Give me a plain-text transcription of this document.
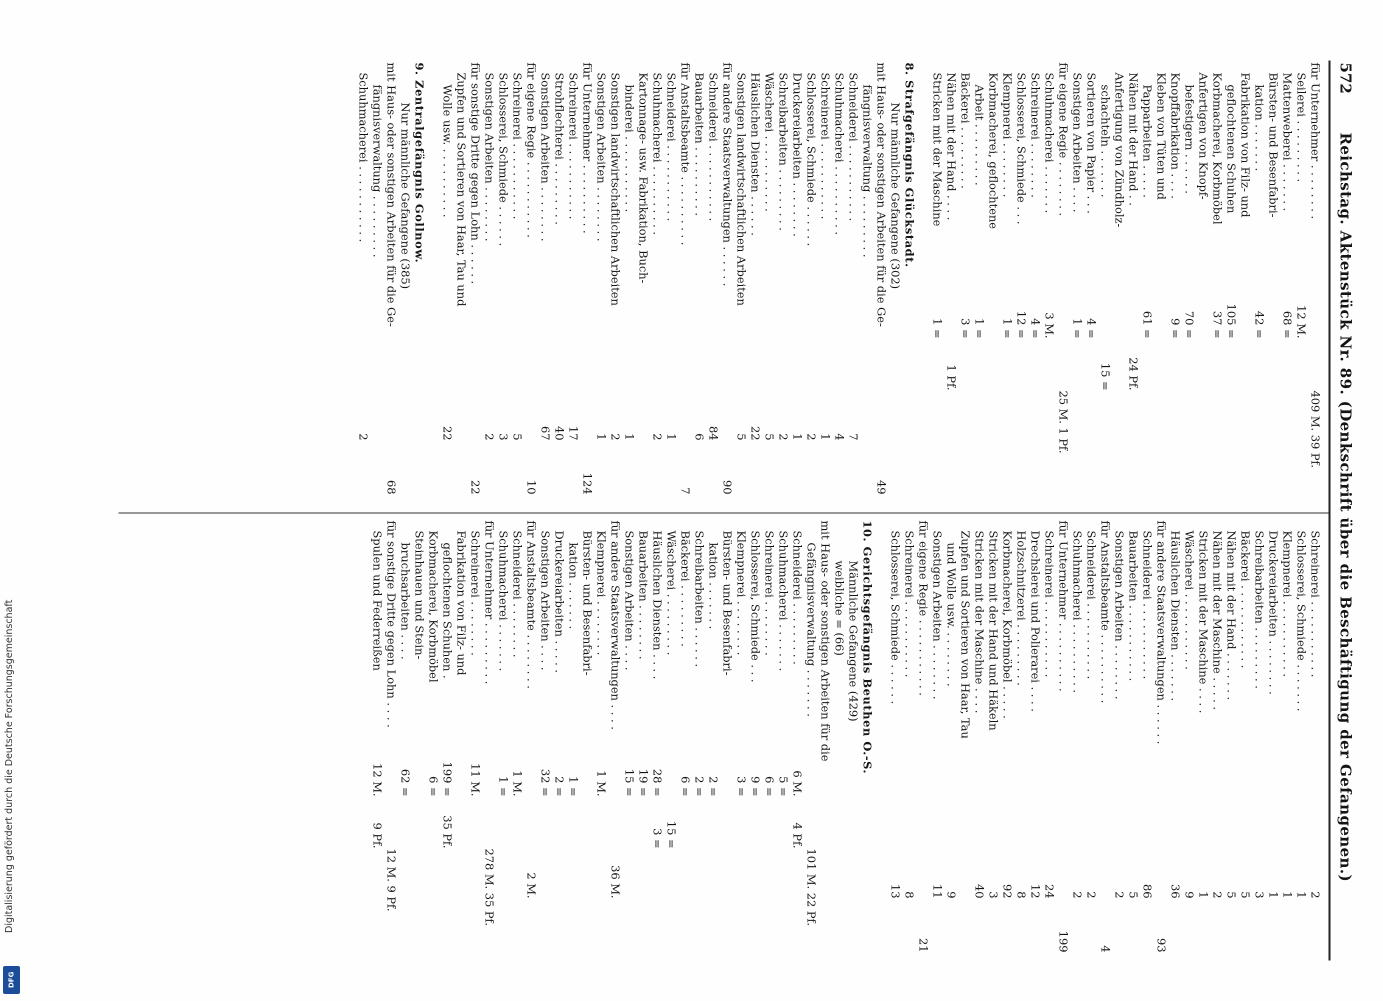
572
Reichstag. Aktenstück Nr. 89. (Denkschrift über die Beschäftigung der Gefangenen.)
für Unternehmer . . . . . . . .
409 M. 39 Pf.
Seilerei . . . . . . . . .
12 M.
Mattenweberei . . . . . . .
68 =
Bürsten- und Besenfabri-
kation . . . . . . .
42 =
Fabrikation von Filz- und
geflochtenen Schuhen
105 =
Korbmacherei, Korbmöbel
37 =
Anfertigen von Knopf-
befestigern . . . . . .
70 =
Knopffabrikation . . . .
9 =
Kleben von Tüten und
Papparbeiten . . . . .
61 =
Nähen mit der Hand . .
24 Pf.
Anfertigung von Zündholz-
schachteln . . . . . . .
15 =
Sortieren von Papier . . .
4 =
Sonstigen Arbeiten . . . .
1 =
für eigene Regie . . . . . . . .
25 M. 1 Pf.
Schuhmacherei . . . . . . .
3 M.
Schreinerei . . . . . . . .
4 =
Schlosserei, Schmiede . . .
12 =
Klempnerei . . . . . . . .
1 =
Korbmacherei, geflochtene
Arbeit . . . . . . . . .
1 =
Bäckerei . . . . . . . . .
3 =
Nähen mit der Hand . . . .
1 Pf.
Stricken mit der Maschine
1 =
8. Strafgefängnis Glückstadt.
Nur männliche Gefangene (302)
mit Haus- oder sonstigen Arbeiten für die Ge-
49
fängnisverwaltung . . . . . . . . .
Schneiderei . . . . . . . . . . .
7
Schuhmacherei . . . . . . . . . .
4
Schreinerei . . . . . . . . . . .
1
Schlosserei, Schmiede . . . . . .
2
Druckereiarbeiten . . . . . . . .
1
Schreibarbeiten . . . . . . . . .
2
Wäscherei . . . . . . . . . . .
5
Häuslichen Diensten . . . . . .
22
Sonstigen landwirtschaftlichen Arbeiten
5
für andere Staatsverwaltungen . . . . . .
90
Schneiderei . . . . . . . . . . .
84
Bauarbeiten . . . . . . . . . .
6
für Anstaltsbeamte . . . . . . . . . .
7
Schneiderei . . . . . . . . . . .
1
Schuhmacherei . . . . . . . . . .
2
Kartonnage- usw. Fabrikation, Buch-
binderei . . . . . . . . . . .
1
Sonstigen landwirtschaftlichen Arbeiten
2
Sonstigen Arbeiten . . . . . . . .
1
für Unternehmer . . . . . . . . . .
124
Schreinerei . . . . . . . . . . .
17
Strohflechterei . . . . . . . . .
40
Sonstigen Arbeiten . . . . . . . .
67
für eigene Regie . . . . . . . . . . .
10
Schreinerei . . . . . . . . . . .
5
Schlosserei, Schmiede . . . . . .
3
Sonstigen Arbeiten . . . . . . . .
2
für sonstige Dritte gegen Lohn . . . . . .
22
Zupfen und Sortieren von Haar, Tau und
Wolle usw. . . . . . . . . . .
22
9. Zentralgefängnis Gollnow.
Nur männliche Gefangene (385)
mit Haus- oder sonstigen Arbeiten für die Ge-
68
fängnisverwaltung . . . . . . . . .
Schuhmacherei . . . . . . . . . . .
2
Schreinerei . . . . . . . . . . .
2
Schlosserei, Schmiede . . . . . . .
1
Klempnerei . . . . . . . . . . .
1
Druckereiarbeiten . . . . . . . .
1
Schreibarbeiten . . . . . . . . .
3
Bäckerei . . . . . . . . . . . .
5
Nähen mit der Hand . . . . . . .
5
Nähen mit der Maschine . . . . .
2
Stricken mit der Maschine . . . .
1
Wäscherei . . . . . . . . . . .
9
Häuslichen Diensten . . . . . . .
36
für andere Staatsverwaltungen . . . . . .
93
Schneiderei . . . . . . . . . . .
86
Bauarbeiten . . . . . . . . . . .
5
Sonstigen Arbeiten . . . . . . . .
2
für Anstaltsbeamte . . . . . . . . . .
4
Schneiderei . . . . . . . . . . .
2
Schuhmacherei . . . . . . . . . .
2
für Unternehmer . . . . . . . . . .
199
Schreinerei . . . . . . . . . . .
24
Drechslerei und Polierarei . . . .
12
Holzschnitzerei . . . . . . . . .
8
Korbmacherei, Korbmöbel . . . . .
92
Stricken mit der Hand und Häkeln
3
Stricken mit der Maschine . . . .
40
Zupfen und Sortieren von Haar, Tau
und Wolle usw. . . . . . . . .
9
Sonstigen Arbeiten . . . . . . . .
11
für eigene Regie . . . . . . . . . . .
21
Schreinerei . . . . . . . . . . .
8
Schlosserei, Schmiede . . . . . .
13
10. Gerichtsgefängnis Beuthen O.-S.
Männliche Gefangene (429)
weibliche = (66)
mit Haus- oder sonstigen Arbeiten für die
Gefängnisverwaltung . . . . . . .
101 M. 22 Pf.
Schneiderei . . . . . . . . .
6 M.
4 Pf.
Schuhmacherei . . . . . . .
5 =
Schreinerei . . . . . . . .
6 =
Schlosserei, Schmiede . . .
9 =
Klempnerei . . . . . . . .
3 =
Bürsten- und Besenfabri-
kation . . . . . . .
2 =
Schreibarbeiten . . . . . .
2 =
Bäckerei . . . . . . . . .
6 =
Wäscherei . . . . . . . . .
15 =
Häuslichen Diensten . . . .
28 =
3 =
Bauarbeiten . . . . . . . .
19 =
Sonstigen Arbeiten . . . .
15 =
für andere Staatsverwaltungen . . . .
36 M.
Klempnerei . . . . . . . .
1 M.
Bürsten- und Besenfabri-
kation . . . . . . .
1 =
Druckereiarbeiten . . . . .
2 =
Sonstigen Arbeiten . . . .
32 =
für Anstaltsbeamte . . . . . . . .
2 M.
Schneiderei . . . . . . . .
1 M.
Schuhmacherei . . . . . . .
1 =
für Unternehmer . . . . . . . . .
278 M. 35 Pf.
Schreinerei . . . . . . . .
11 M.
Fabrikation von Filz- und
geflochtenen Schuhen .
199 =
35 Pf.
Korbmacherei, Korbmöbel
6 =
Steinhauen und Stein-
bruchsarbeiten . . . .
62 =
für sonstige Dritte gegen Lohn . . . .
12 M. 9 Pf.
Spulen und Federreißen
12 M.
9 Pf.
Digitalisierung gefördert durch die Deutsche Forschungsgemeinschaft
DFG
